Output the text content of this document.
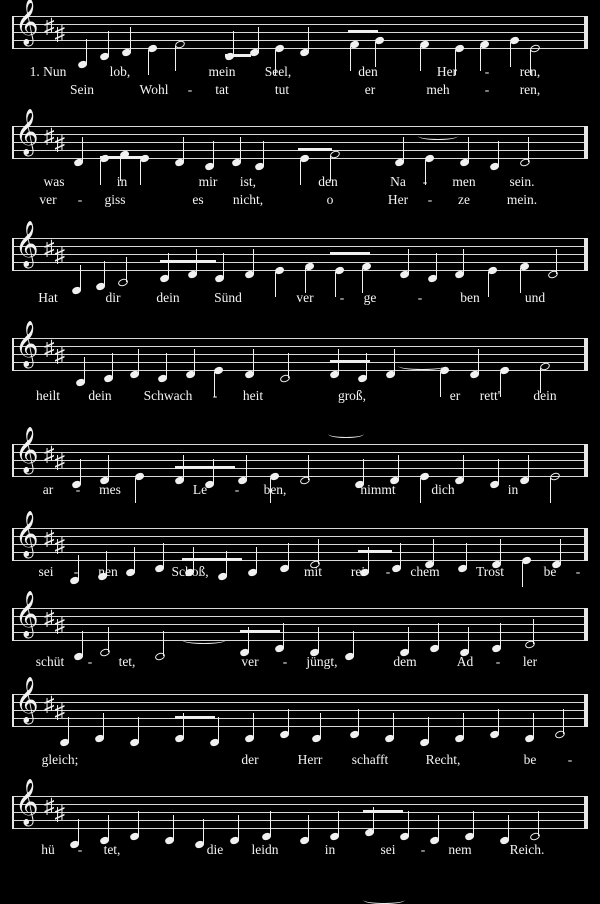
𝄞 ♯♯
𝄞 ♯♯
𝄞 ♯♯
𝄞 ♯♯
𝄞 ♯♯
𝄞 ♯♯
𝄞 ♯♯
𝄞 ♯♯
𝄞 ♯♯
1. Nun	lob,	mein Seel,	den	Her - ren,
was	in	mir ist,	den	Na - men	sein.
Hat	dir	dein	Sünd	ver - ge	-	ben	und
heilt dein Schwach - heit	groß,	er rett' dein
ar - mes	Le - ben,	nimmt	dich	in
sei - nen	Schoß,	mit rei - chem	Trost	be -
schüt - tet,	ver - jüngt,	dem	Ad - ler
gleich;	der	Herr schafft	Recht,	be -
hü - tet,	die leidn	in	sei - nem	Reich.
Sein	Wohl - tat	tut	er	meh	- ren,
ver - giss	es nicht,	o	Her - ze	mein.
